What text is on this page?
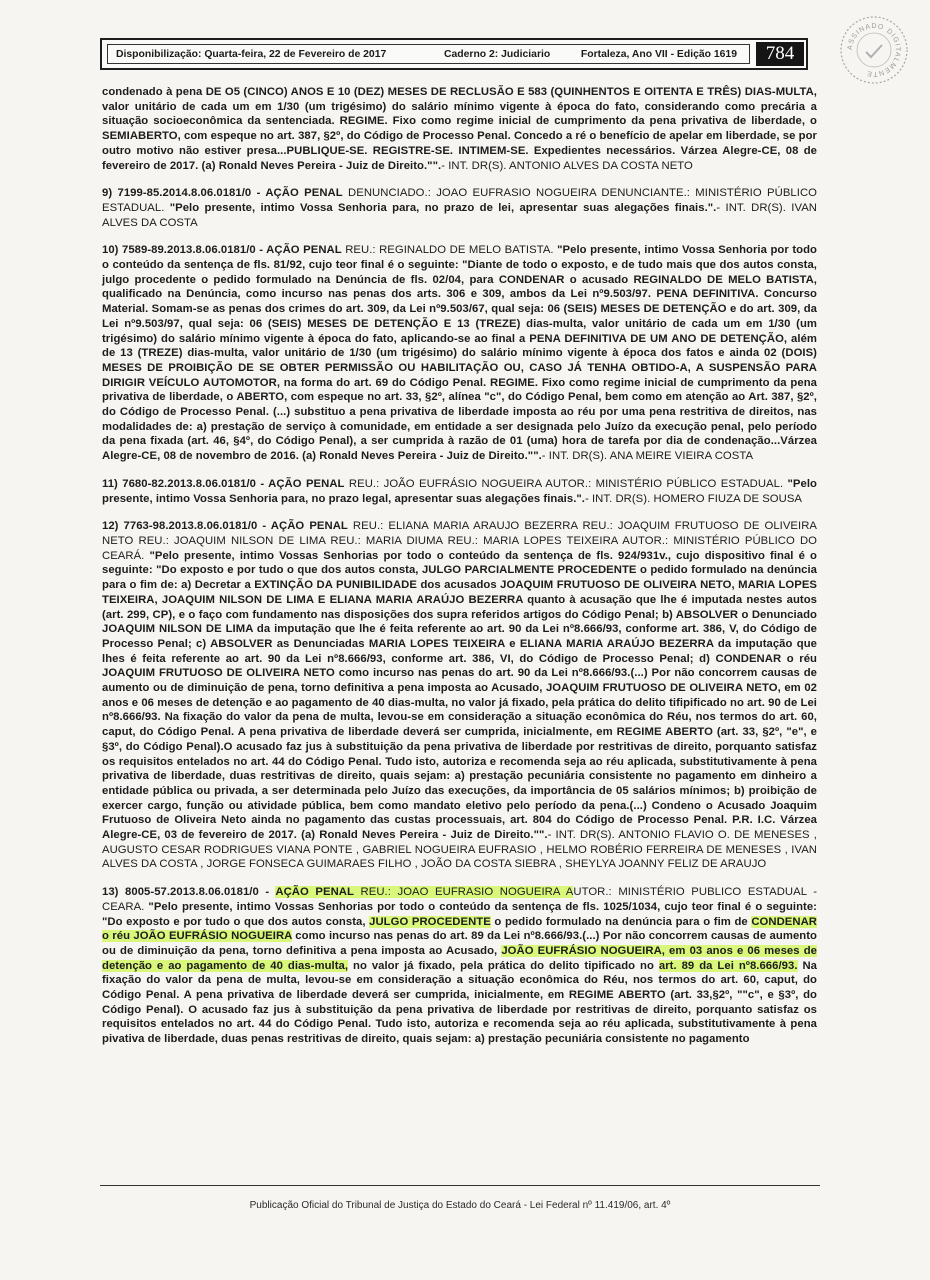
Disponibilização: Quarta-feira, 22 de Fevereiro de 2017	Caderno 2: Judiciario	Fortaleza, Ano VII - Edição 1619	784	ASSINADO DIGITALMENTE

condenado à pena DE O5 (CINCO) ANOS E 10 (DEZ) MESES DE RECLUSÃO E 583 (QUINHENTOS E OITENTA E TRÊS) DIAS-MULTA, valor unitário de cada um em 1/30 (um trigésimo) do salário mínimo vigente à época do fato, considerando como precária a situação socioeconômica da sentenciada. REGIME. Fixo como regime inicial de cumprimento da pena privativa de liberdade, o SEMIABERTO, com espeque no art. 387, §2º, do Código de Processo Penal. Concedo a ré o benefício de apelar em liberdade, se por outro motivo não estiver presa...PUBLIQUE-SE. REGISTRE-SE. INTIMEM-SE. Expedientes necessários. Várzea Alegre-CE, 08 de fevereiro de 2017. (a) Ronald Neves Pereira - Juiz de Direito."".- INT. DR(S). ANTONIO ALVES DA COSTA NETO

9) 7199-85.2014.8.06.0181/0 - AÇÃO PENAL DENUNCIADO.: JOAO EUFRASIO NOGUEIRA DENUNCIANTE.: MINISTÉRIO PÚBLICO ESTADUAL. "Pelo presente, intimo Vossa Senhoria para, no prazo de lei, apresentar suas alegações finais.".- INT. DR(S). IVAN ALVES DA COSTA

10) 7589-89.2013.8.06.0181/0 - AÇÃO PENAL REU.: REGINALDO DE MELO BATISTA. "Pelo presente, intimo Vossa Senhoria por todo o conteúdo da sentença de fls. 81/92, cujo teor final é o seguinte: "Diante de todo o exposto, e de tudo mais que dos autos consta, julgo procedente o pedido formulado na Denúncia de fls. 02/04, para CONDENAR o acusado REGINALDO DE MELO BATISTA, qualificado na Denúncia, como incurso nas penas dos arts. 306 e 309, ambos da Lei nº9.503/97. PENA DEFINITIVA. Concurso Material. Somam-se as penas dos crimes do art. 309, da Lei nº9.503/67, qual seja: 06 (SEIS) MESES DE DETENÇÃO e do art. 309, da Lei nº9.503/97, qual seja: 06 (SEIS) MESES DE DETENÇÃO E 13 (TREZE) dias-multa, valor unitário de cada um em 1/30 (um trigésimo) do salário mínimo vigente à época do fato, aplicando-se ao final a PENA DEFINITIVA DE UM ANO DE DETENÇÃO, além de 13 (TREZE) dias-multa, valor unitário de 1/30 (um trigésimo) do salário mínimo vigente à época dos fatos e ainda 02 (DOIS) MESES DE PROIBIÇÃO DE SE OBTER PERMISSÃO OU HABILITAÇÃO OU, CASO JÁ TENHA OBTIDO-A, A SUSPENSÃO PARA DIRIGIR VEÍCULO AUTOMOTOR, na forma do art. 69 do Código Penal. REGIME. Fixo como regime inicial de cumprimento da pena privativa de liberdade, o ABERTO, com espeque no art. 33, §2º, alínea "c", do Código Penal, bem como em atenção ao Art. 387, §2º, do Código de Processo Penal. (...) substituo a pena privativa de liberdade imposta ao réu por uma pena restritiva de direitos, nas modalidades de: a) prestação de serviço à comunidade, em entidade a ser designada pelo Juízo da execução penal, pelo período da pena fixada (art. 46, §4º, do Código Penal), a ser cumprida à razão de 01 (uma) hora de tarefa por dia de condenação...Várzea Alegre-CE, 08 de novembro de 2016. (a) Ronald Neves Pereira - Juiz de Direito."".- INT. DR(S). ANA MEIRE VIEIRA COSTA

11) 7680-82.2013.8.06.0181/0 - AÇÃO PENAL REU.: JOÃO EUFRÁSIO NOGUEIRA AUTOR.: MINISTÉRIO PÚBLICO ESTADUAL. "Pelo presente, intimo Vossa Senhoria para, no prazo legal, apresentar suas alegações finais.".- INT. DR(S). HOMERO FIUZA DE SOUSA

12) 7763-98.2013.8.06.0181/0 - AÇÃO PENAL REU.: ELIANA MARIA ARAUJO BEZERRA REU.: JOAQUIM FRUTUOSO DE OLIVEIRA NETO REU.: JOAQUIM NILSON DE LIMA REU.: MARIA DIUMA REU.: MARIA LOPES TEIXEIRA AUTOR.: MINISTÉRIO PÚBLICO DO CEARÁ. "Pelo presente, intimo Vossas Senhorias por todo o conteúdo da sentença de fls. 924/931v., cujo dispositivo final é o seguinte: "Do exposto e por tudo o que dos autos consta, JULGO PARCIALMENTE PROCEDENTE o pedido formulado na denúncia para o fim de: a) Decretar a EXTINÇÃO DA PUNIBILIDADE dos acusados JOAQUIM FRUTUOSO DE OLIVEIRA NETO, MARIA LOPES TEIXEIRA, JOAQUIM NILSON DE LIMA E ELIANA MARIA ARAÚJO BEZERRA quanto à acusação que lhe é imputada nestes autos (art. 299, CP), e o faço com fundamento nas disposições dos supra referidos artigos do Código Penal; b) ABSOLVER o Denunciado JOAQUIM NILSON DE LIMA da imputação que lhe é feita referente ao art. 90 da Lei nº8.666/93, conforme art. 386, V, do Código de Processo Penal; c) ABSOLVER as Denunciadas MARIA LOPES TEIXEIRA e ELIANA MARIA ARAÚJO BEZERRA da imputação que lhes é feita referente ao art. 90 da Lei nº8.666/93, conforme art. 386, VI, do Código de Processo Penal; d) CONDENAR o réu JOAQUIM FRUTUOSO DE OLIVEIRA NETO como incurso nas penas do art. 90 da Lei nº8.666/93.(...) Por não concorrem causas de aumento ou de diminuição de pena, torno definitiva a pena imposta ao Acusado, JOAQUIM FRUTUOSO DE OLIVEIRA NETO, em 02 anos e 06 meses de detenção e ao pagamento de 40 dias-multa, no valor já fixado, pela prática do delito tifipificado no art. 90 de Lei nº8.666/93. Na fixação do valor da pena de multa, levou-se em consideração a situação econômica do Réu, nos termos do art. 60, caput, do Código Penal. A pena privativa de liberdade deverá ser cumprida, inicialmente, em REGIME ABERTO (art. 33, §2º, "e", e §3º, do Código Penal).O acusado faz jus à substituição da pena privativa de liberdade por restritivas de direito, porquanto satisfaz os requisitos entelados no art. 44 do Código Penal. Tudo isto, autoriza e recomenda seja ao réu aplicada, substitutivamente à pena privativa de liberdade, duas restritivas de direito, quais sejam: a) prestação pecuniária consistente no pagamento em dinheiro a entidade pública ou privada, a ser determinada pelo Juízo das execuções, da importância de 05 salários mínimos; b) proibição de exercer cargo, função ou atividade pública, bem como mandato eletivo pelo período da pena.(...) Condeno o Acusado Joaquim Frutuoso de Oliveira Neto ainda no pagamento das custas processuais, art. 804 do Código de Processo Penal. P.R. I.C. Várzea Alegre-CE, 03 de fevereiro de 2017. (a) Ronald Neves Pereira - Juiz de Direito."".- INT. DR(S). ANTONIO FLAVIO O. DE MENESES , AUGUSTO CESAR RODRIGUES VIANA PONTE , GABRIEL NOGUEIRA EUFRASIO , HELMO ROBÉRIO FERREIRA DE MENESES , IVAN ALVES DA COSTA , JORGE FONSECA GUIMARAES FILHO , JOÃO DA COSTA SIEBRA , SHEYLYA JOANNY FELIZ DE ARAUJO

13) 8005-57.2013.8.06.0181/0 - AÇÃO PENAL REU.: JOAO EUFRASIO NOGUEIRA AUTOR.: MINISTÉRIO PUBLICO ESTADUAL - CEARA. "Pelo presente, intimo Vossas Senhorias por todo o conteúdo da sentença de fls. 1025/1034, cujo teor final é o seguinte: "Do exposto e por tudo o que dos autos consta, JULGO PROCEDENTE o pedido formulado na denúncia para o fim de CONDENAR o réu JOÃO EUFRÁSIO NOGUEIRA como incurso nas penas do art. 89 da Lei nº8.666/93.(...) Por não concorrem causas de aumento ou de diminuição da pena, torno definitiva a pena imposta ao Acusado, JOÃO EUFRÁSIO NOGUEIRA, em 03 anos e 06 meses de detenção e ao pagamento de 40 dias-multa, no valor já fixado, pela prática do delito tipificado no art. 89 da Lei nº8.666/93. Na fixação do valor da pena de multa, levou-se em consideração a situação econômica do Réu, nos termos do art. 60, caput, do Código Penal. A pena privativa de liberdade deverá ser cumprida, inicialmente, em REGIME ABERTO (art. 33,§2º, ""c", e §3º, do Código Penal). O acusado faz jus à substituição da pena privativa de liberdade por restritivas de direito, porquanto satisfaz os requisitos entelados no art. 44 do Código Penal. Tudo isto, autoriza e recomenda seja ao réu aplicada, substitutivamente à pena pivativa de liberdade, duas penas restritivas de direito, quais sejam: a) prestação pecuniária consistente no pagamento

Publicação Oficial do Tribunal de Justiça do Estado do Ceará - Lei Federal nº 11.419/06, art. 4º
